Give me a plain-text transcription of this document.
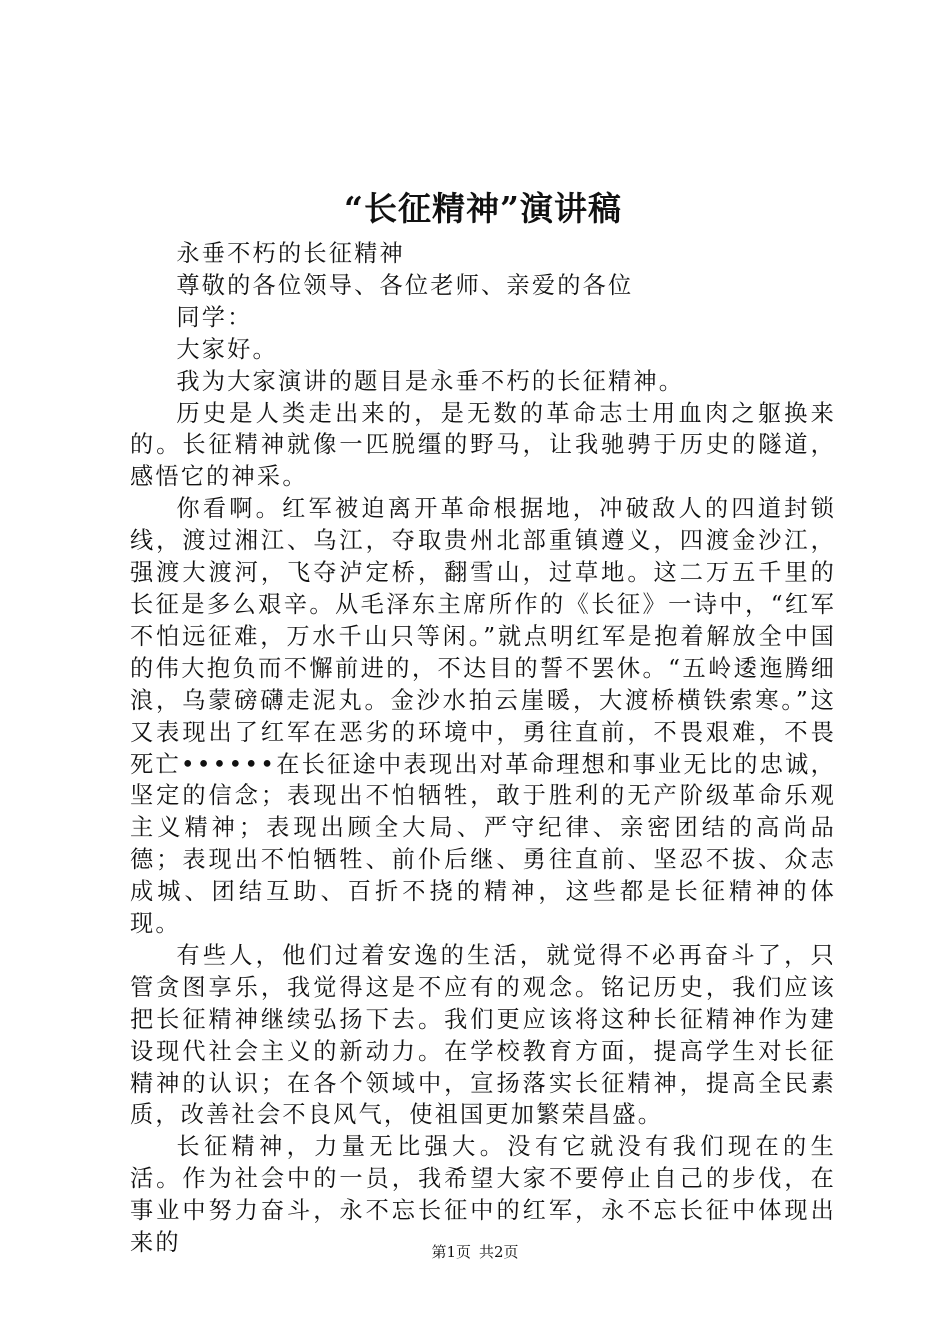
“长征精神”演讲稿

永垂不朽的长征精神

尊敬的各位领导、各位老师、亲爱的各位

同学：

大家好。

我为大家演讲的题目是永垂不朽的长征精神。

历史是人类走出来的，是无数的革命志士用血肉之躯换来的。长征精神就像一匹脱缰的野马，让我驰骋于历史的隧道，感悟它的神采。

你看啊。红军被迫离开革命根据地，冲破敌人的四道封锁线，渡过湘江、乌江，夺取贵州北部重镇遵义，四渡金沙江，强渡大渡河，飞夺泸定桥，翻雪山，过草地。这二万五千里的长征是多么艰辛。从毛泽东主席所作的《长征》一诗中，“红军不怕远征难，万水千山只等闲。”就点明红军是抱着解放全中国的伟大抱负而不懈前进的，不达目的誓不罢休。“五岭逶迤腾细浪，乌蒙磅礴走泥丸。金沙水拍云崖暖，大渡桥横铁索寒。”这又表现出了红军在恶劣的环境中，勇往直前，不畏艰难，不畏死亡••••••在长征途中表现出对革命理想和事业无比的忠诚，坚定的信念；表现出不怕牺牲，敢于胜利的无产阶级革命乐观主义精神；表现出顾全大局、严守纪律、亲密团结的高尚品德；表现出不怕牺牲、前仆后继、勇往直前、坚忍不拔、众志成城、团结互助、百折不挠的精神，这些都是长征精神的体现。

有些人，他们过着安逸的生活，就觉得不必再奋斗了，只管贪图享乐，我觉得这是不应有的观念。铭记历史，我们应该把长征精神继续弘扬下去。我们更应该将这种长征精神作为建设现代社会主义的新动力。在学校教育方面，提高学生对长征精神的认识；在各个领域中，宣扬落实长征精神，提高全民素质，改善社会不良风气，使祖国更加繁荣昌盛。

长征精神，力量无比强大。没有它就没有我们现在的生活。作为社会中的一员，我希望大家不要停止自己的步伐，在事业中努力奋斗，永不忘长征中的红军，永不忘长征中体现出来的	第1页 共2页
